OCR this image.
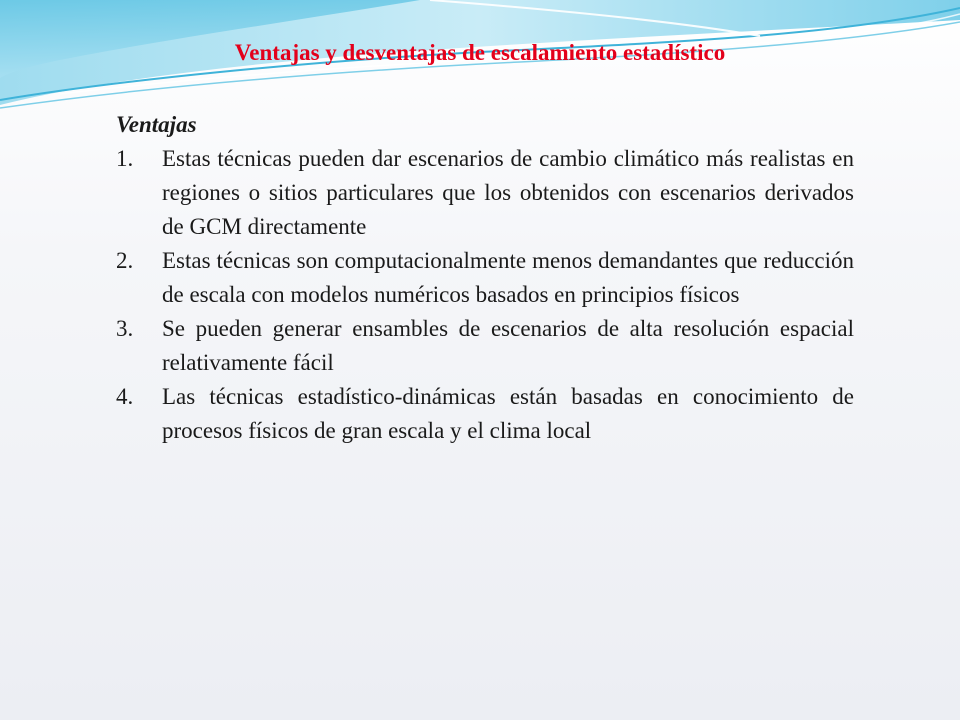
Ventajas y desventajas de escalamiento estadístico

Ventajas

1.	Estas técnicas pueden dar escenarios de cambio climático más realistas en regiones o sitios particulares que los obtenidos con escenarios derivados de GCM directamente
2.	Estas técnicas son computacionalmente menos demandantes que reducción de escala con modelos numéricos basados en principios físicos
3.	Se pueden generar ensambles de escenarios de alta resolución espacial relativamente fácil
4.	Las técnicas estadístico-dinámicas están basadas en conocimiento de procesos físicos de gran escala y el clima local
